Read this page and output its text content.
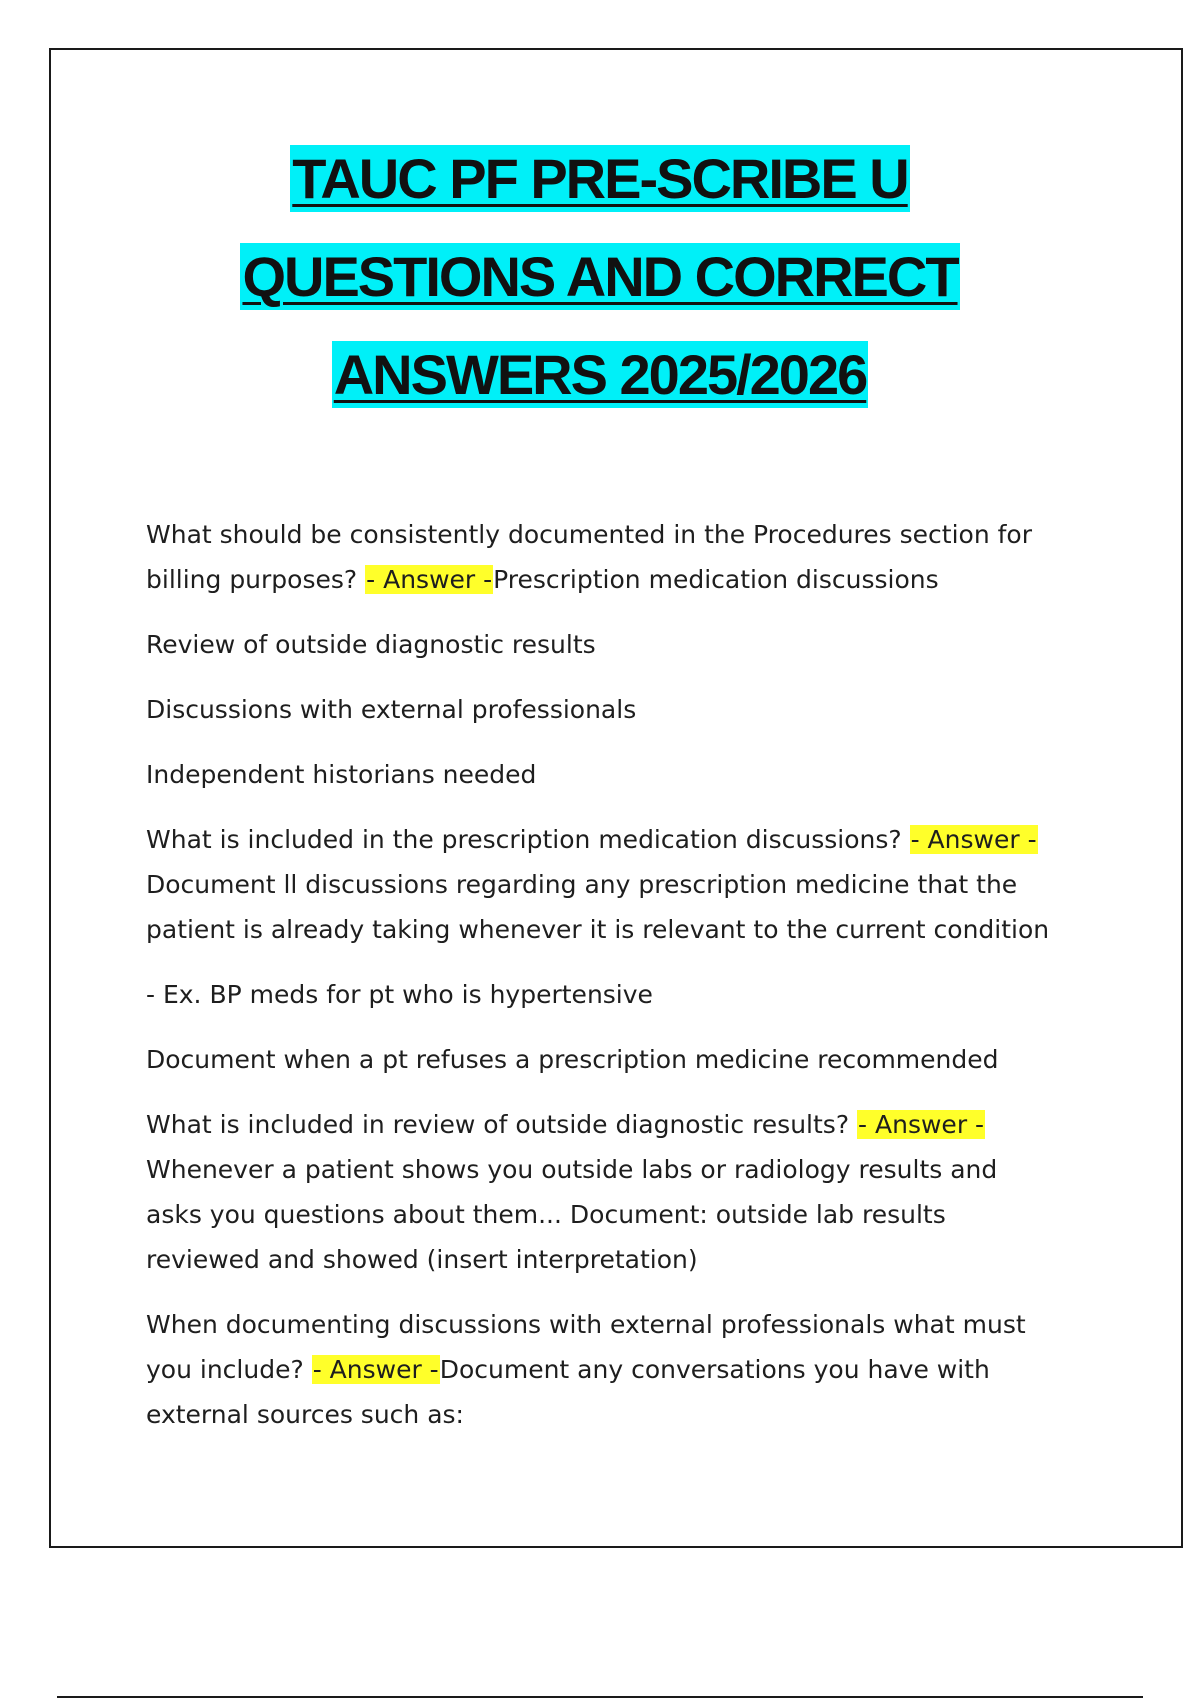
TAUC PF PRE-SCRIBE U
QUESTIONS AND CORRECT
ANSWERS 2025/2026
What should be consistently documented in the Procedures section for
billing purposes? - Answer -Prescription medication discussions
Review of outside diagnostic results
Discussions with external professionals
Independent historians needed
What is included in the prescription medication discussions? - Answer -
Document ll discussions regarding any prescription medicine that the
patient is already taking whenever it is relevant to the current condition
- Ex. BP meds for pt who is hypertensive
Document when a pt refuses a prescription medicine recommended
What is included in review of outside diagnostic results? - Answer -
Whenever a patient shows you outside labs or radiology results and
asks you questions about them... Document: outside lab results
reviewed and showed (insert interpretation)
When documenting discussions with external professionals what must
you include? - Answer -Document any conversations you have with
external sources such as:
